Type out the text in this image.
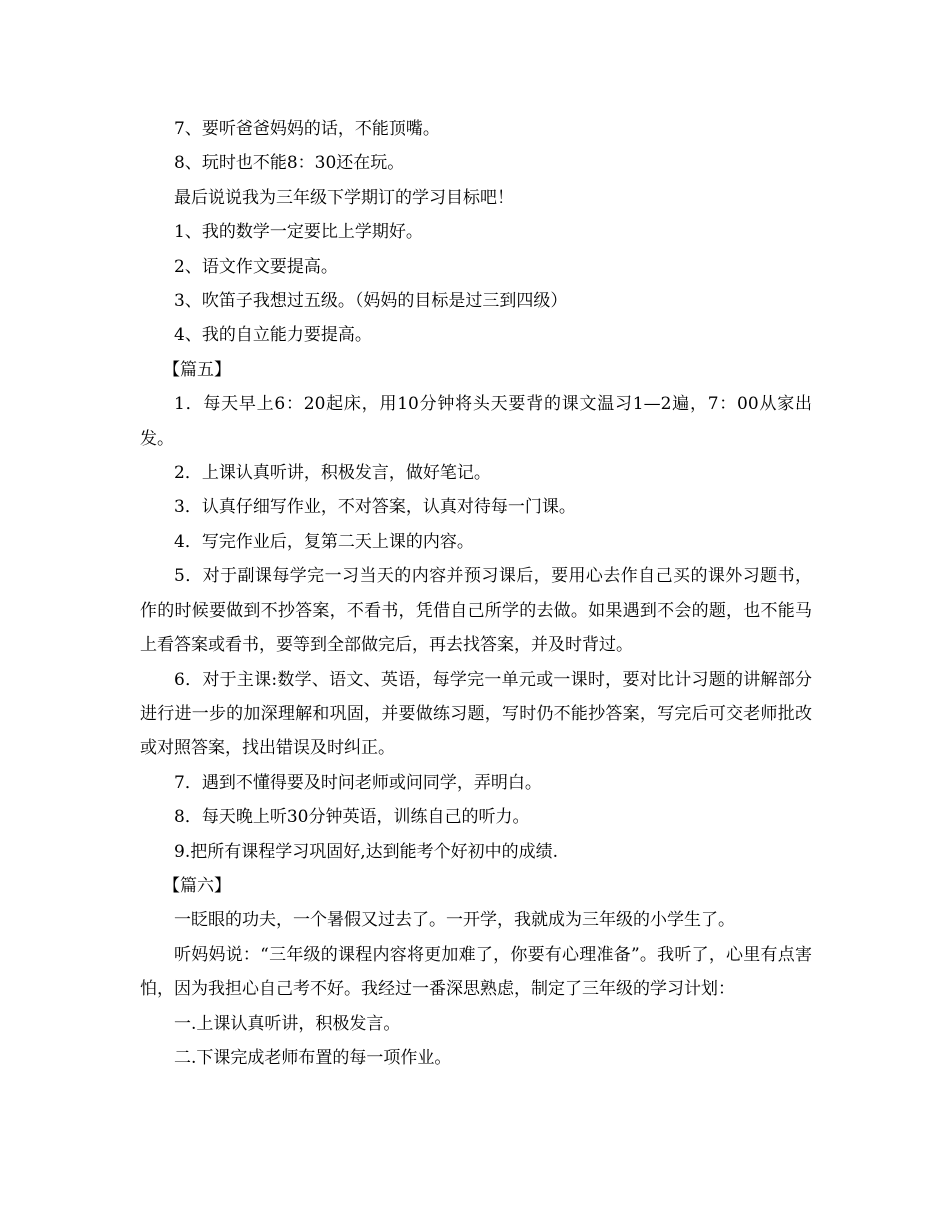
7、要听爸爸妈妈的话，不能顶嘴。

8、玩时也不能8：30还在玩。

最后说说我为三年级下学期订的学习目标吧！

1、我的数学一定要比上学期好。

2、语文作文要提高。

3、吹笛子我想过五级。（妈妈的目标是过三到四级）

4、我的自立能力要提高。

【篇五】

1．每天早上6：20起床，用10分钟将头天要背的课文温习1—2遍，7：00从家出发。

2．上课认真听讲，积极发言，做好笔记。

3．认真仔细写作业，不对答案，认真对待每一门课。

4．写完作业后，复第二天上课的内容。

5．对于副课每学完一习当天的内容并预习课后，要用心去作自己买的课外习题书，作的时候要做到不抄答案，不看书，凭借自己所学的去做。如果遇到不会的题，也不能马上看答案或看书，要等到全部做完后，再去找答案，并及时背过。

6．对于主课:数学、语文、英语，每学完一单元或一课时，要对比计习题的讲解部分进行进一步的加深理解和巩固，并要做练习题，写时仍不能抄答案，写完后可交老师批改或对照答案，找出错误及时纠正。

7．遇到不懂得要及时问老师或问同学，弄明白。

8．每天晚上听30分钟英语，训练自己的听力。

9.把所有课程学习巩固好,达到能考个好初中的成绩.

【篇六】

一眨眼的功夫，一个暑假又过去了。一开学，我就成为三年级的小学生了。

听妈妈说：“三年级的课程内容将更加难了，你要有心理准备”。我听了，心里有点害怕，因为我担心自己考不好。我经过一番深思熟虑，制定了三年级的学习计划：

一.上课认真听讲，积极发言。

二.下课完成老师布置的每一项作业。
